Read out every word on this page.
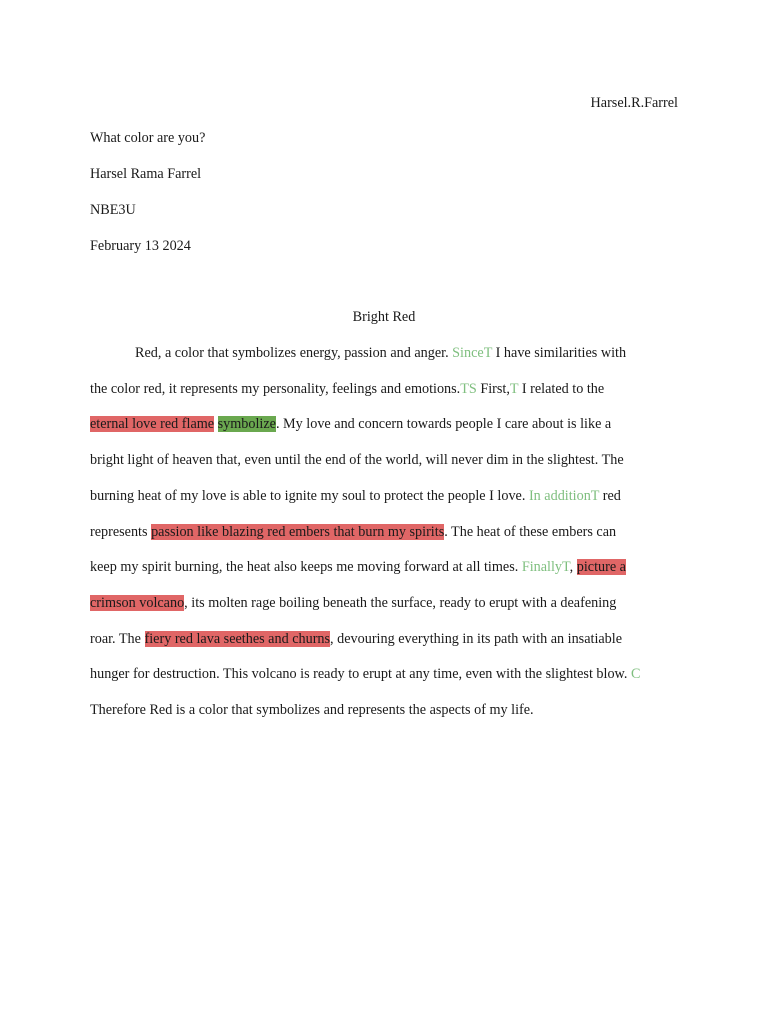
Harsel.R.Farrel
What color are you?
Harsel Rama Farrel
NBE3U
February 13 2024
Bright Red
Red, a color that symbolizes energy, passion and anger. SinceT I have similarities with
the color red, it represents my personality, feelings and emotions.TS First,T I related to the
eternal love red flame symbolize. My love and concern towards people I care about is like a
bright light of heaven that, even until the end of the world, will never dim in the slightest. The
burning heat of my love is able to ignite my soul to protect the people I love. In additionT red
represents passion like blazing red embers that burn my spirits. The heat of these embers can
keep my spirit burning, the heat also keeps me moving forward at all times. FinallyT, picture a
crimson volcano, its molten rage boiling beneath the surface, ready to erupt with a deafening
roar. The fiery red lava seethes and churns, devouring everything in its path with an insatiable
hunger for destruction. This volcano is ready to erupt at any time, even with the slightest blow. C
Therefore Red is a color that symbolizes and represents the aspects of my life.
